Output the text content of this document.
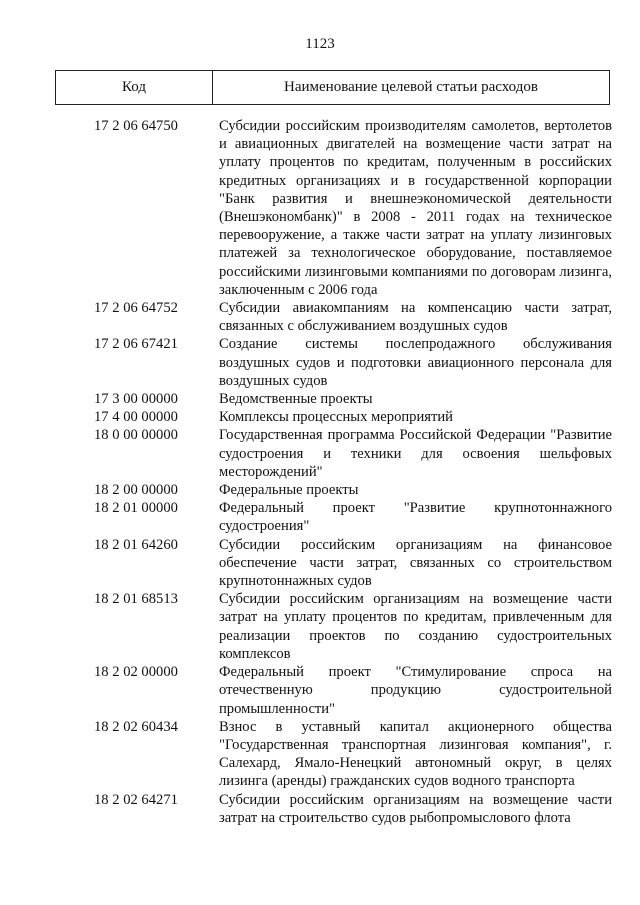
1123
Код	Наименование целевой статьи расходов
17 2 06 64750	Субсидии российским производителям самолетов, вертолетов и авиационных двигателей на возмещение части затрат на уплату процентов по кредитам, полученным в российских кредитных организациях и в государственной корпорации "Банк развития и внешнеэкономической деятельности (Внешэкономбанк)" в 2008 - 2011 годах на техническое перевооружение, а также части затрат на уплату лизинговых платежей за технологическое оборудование, поставляемое российскими лизинговыми компаниями по договорам лизинга, заключенным с 2006 года
17 2 06 64752	Субсидии авиакомпаниям на компенсацию части затрат, связанных с обслуживанием воздушных судов
17 2 06 67421	Создание системы послепродажного обслуживания воздушных судов и подготовки авиационного персонала для воздушных судов
17 3 00 00000	Ведомственные проекты
17 4 00 00000	Комплексы процессных мероприятий
18 0 00 00000	Государственная программа Российской Федерации "Развитие судостроения и техники для освоения шельфовых месторождений"
18 2 00 00000	Федеральные проекты
18 2 01 00000	Федеральный проект "Развитие крупнотоннажного судостроения"
18 2 01 64260	Субсидии российским организациям на финансовое обеспечение части затрат, связанных со строительством крупнотоннажных судов
18 2 01 68513	Субсидии российским организациям на возмещение части затрат на уплату процентов по кредитам, привлеченным для реализации проектов по созданию судостроительных комплексов
18 2 02 00000	Федеральный проект "Стимулирование спроса на отечественную продукцию судостроительной промышленности"
18 2 02 60434	Взнос в уставный капитал акционерного общества "Государственная транспортная лизинговая компания", г. Салехард, Ямало-Ненецкий автономный округ, в целях лизинга (аренды) гражданских судов водного транспорта
18 2 02 64271	Субсидии российским организациям на возмещение части затрат на строительство судов рыбопромыслового флота
